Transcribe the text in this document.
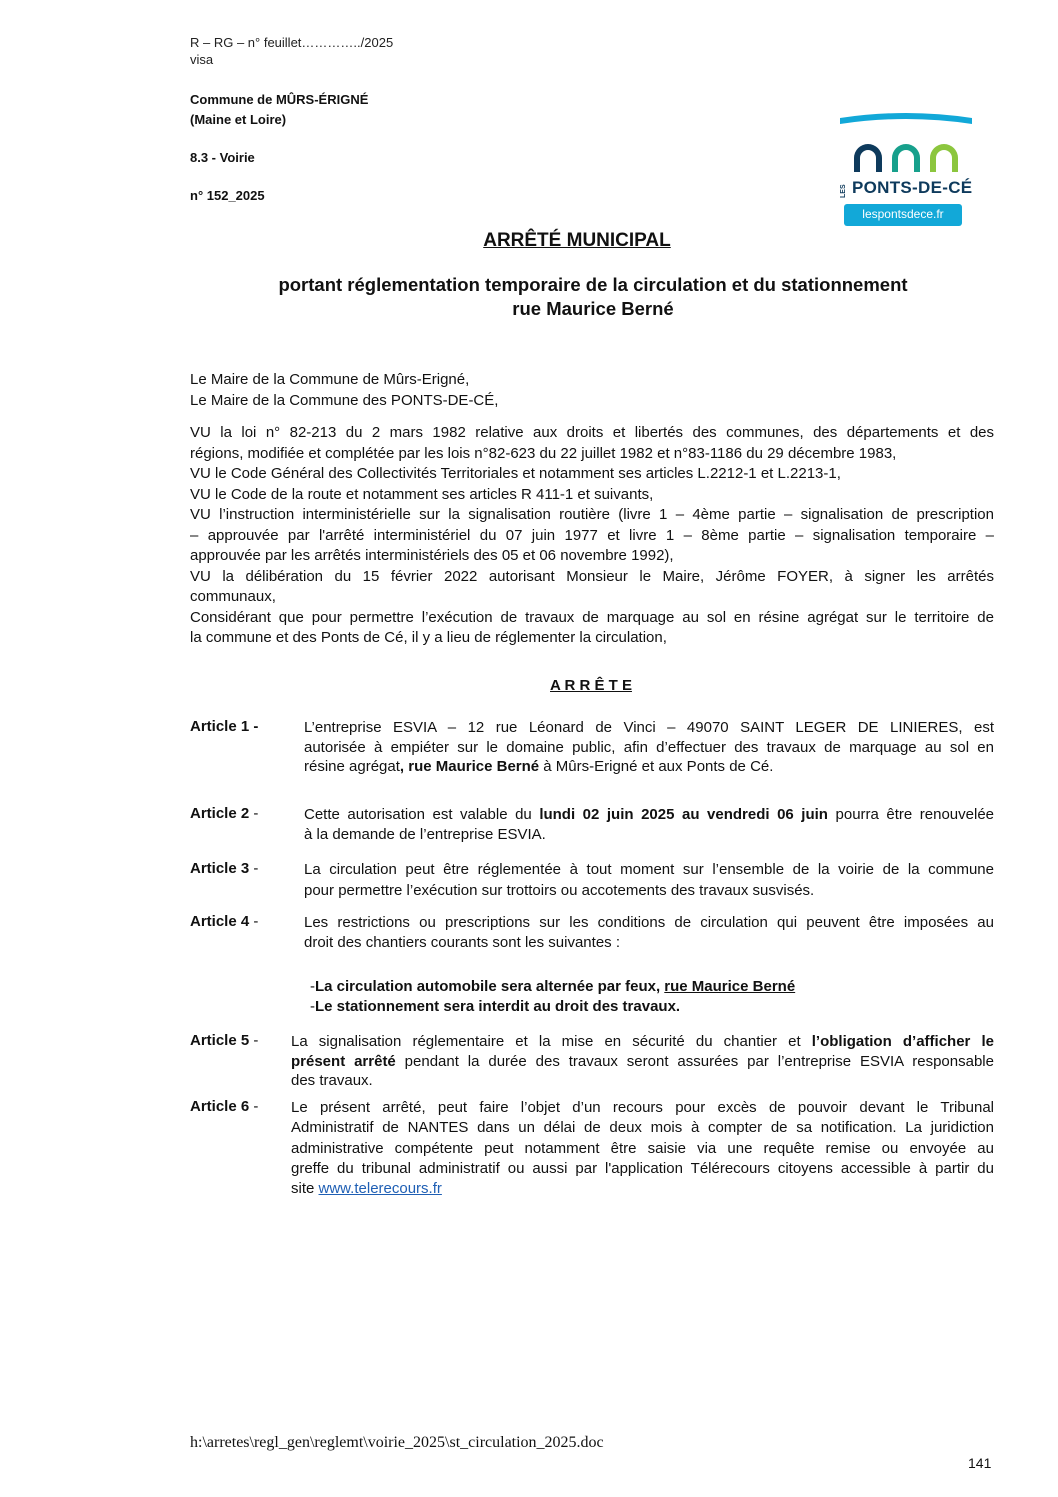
R – RG – n° feuillet…………../2025
visa
Commune de MÛRS-ÉRIGNÉ
(Maine et Loire)
8.3 - Voirie
n° 152_2025	LES PONTS-DE-CÉ
lespontsdece.fr
ARRÊTÉ MUNICIPAL
portant réglementation temporaire de la circulation et du stationnement
rue Maurice Berné
Le Maire de la Commune de Mûrs-Erigné,
Le Maire de la Commune des PONTS-DE-CÉ,
VU la loi n° 82-213 du 2 mars 1982 relative aux droits et libertés des communes, des départements et des
régions, modifiée et complétée par les lois n°82-623 du 22 juillet 1982 et n°83-1186 du 29 décembre 1983,
VU le Code Général des Collectivités Territoriales et notamment ses articles L.2212-1 et L.2213-1,
VU le Code de la route et notamment ses articles R 411-1 et suivants,
VU l’instruction interministérielle sur la signalisation routière (livre 1 – 4ème partie – signalisation de prescription
– approuvée par l'arrêté interministériel du 07 juin 1977 et livre 1 – 8ème partie – signalisation temporaire –
approuvée par les arrêtés interministériels des 05 et 06 novembre 1992),
VU la délibération du 15 février 2022 autorisant Monsieur le Maire, Jérôme FOYER, à signer les arrêtés
communaux,
Considérant que pour permettre l’exécution de travaux de marquage au sol en résine agrégat sur le territoire de
la commune et des Ponts de Cé, il y a lieu de réglementer la circulation,
A R R Ê T E
Article 1 -	L’entreprise ESVIA – 12 rue Léonard de Vinci – 49070 SAINT LEGER DE LINIERES, est
autorisée à empiéter sur le domaine public, afin d’effectuer des travaux de marquage au sol en
résine agrégat, rue Maurice Berné à Mûrs-Erigné et aux Ponts de Cé.
Article 2 -	Cette autorisation est valable du lundi 02 juin 2025 au vendredi 06 juin pourra être renouvelée
à la demande de l’entreprise ESVIA.
Article 3 -	La circulation peut être réglementée à tout moment sur l’ensemble de la voirie de la commune
pour permettre l’exécution sur trottoirs ou accotements des travaux susvisés.
Article 4 -	Les restrictions ou prescriptions sur les conditions de circulation qui peuvent être imposées au
droit des chantiers courants sont les suivantes :
-La circulation automobile sera alternée par feux, rue Maurice Berné
-Le stationnement sera interdit au droit des travaux.
Article 5 - La signalisation réglementaire et la mise en sécurité du chantier et l’obligation d’afficher le
présent arrêté pendant la durée des travaux seront assurées par l’entreprise ESVIA responsable
des travaux.
Article 6 - Le présent arrêté, peut faire l’objet d’un recours pour excès de pouvoir devant le Tribunal
Administratif de NANTES dans un délai de deux mois à compter de sa notification. La juridiction
administrative compétente peut notamment être saisie via une requête remise ou envoyée au
greffe du tribunal administratif ou aussi par l'application Télérecours citoyens accessible à partir du
site www.telerecours.fr
h:\arretes\regl_gen\reglemt\voirie_2025\st_circulation_2025.doc
141
